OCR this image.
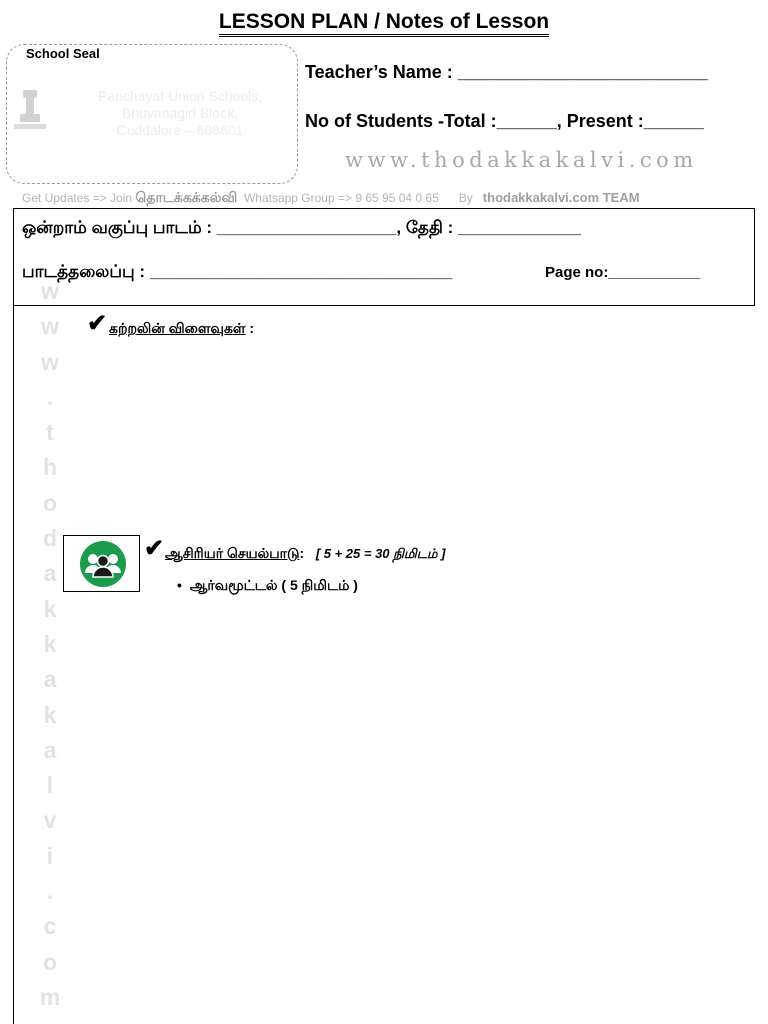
LESSON PLAN / Notes of Lesson
School Seal
Panchayat Union Schools,
Bhuvanagiri Block,
Cuddalore – 608601
Teacher’s Name : _________________________
No of Students -Total :______, Present :______
www.thodakkakalvi.com
Get Updates => Join தொடக்கக்கல்வி Whatsapp Group => 9 65 95 04 0 65 By thodakkakalvi.com TEAM
ஒன்றாம் வகுப்பு பாடம் : ___________________, தேதி : _____________
பாடத்தலைப்பு : ________________________________	Page no:___________
w
w
w
.
t
h
o
d
a
k
k
a
k
a
l
v
i
.
c
o
m
✔ கற்றலின் விளைவுகள் :
✔ ஆசிரியர் செயல்பாடு: [ 5 + 25 = 30 நிமிடம் ]
•  ஆர்வமூட்டல் ( 5 நிமிடம் )
